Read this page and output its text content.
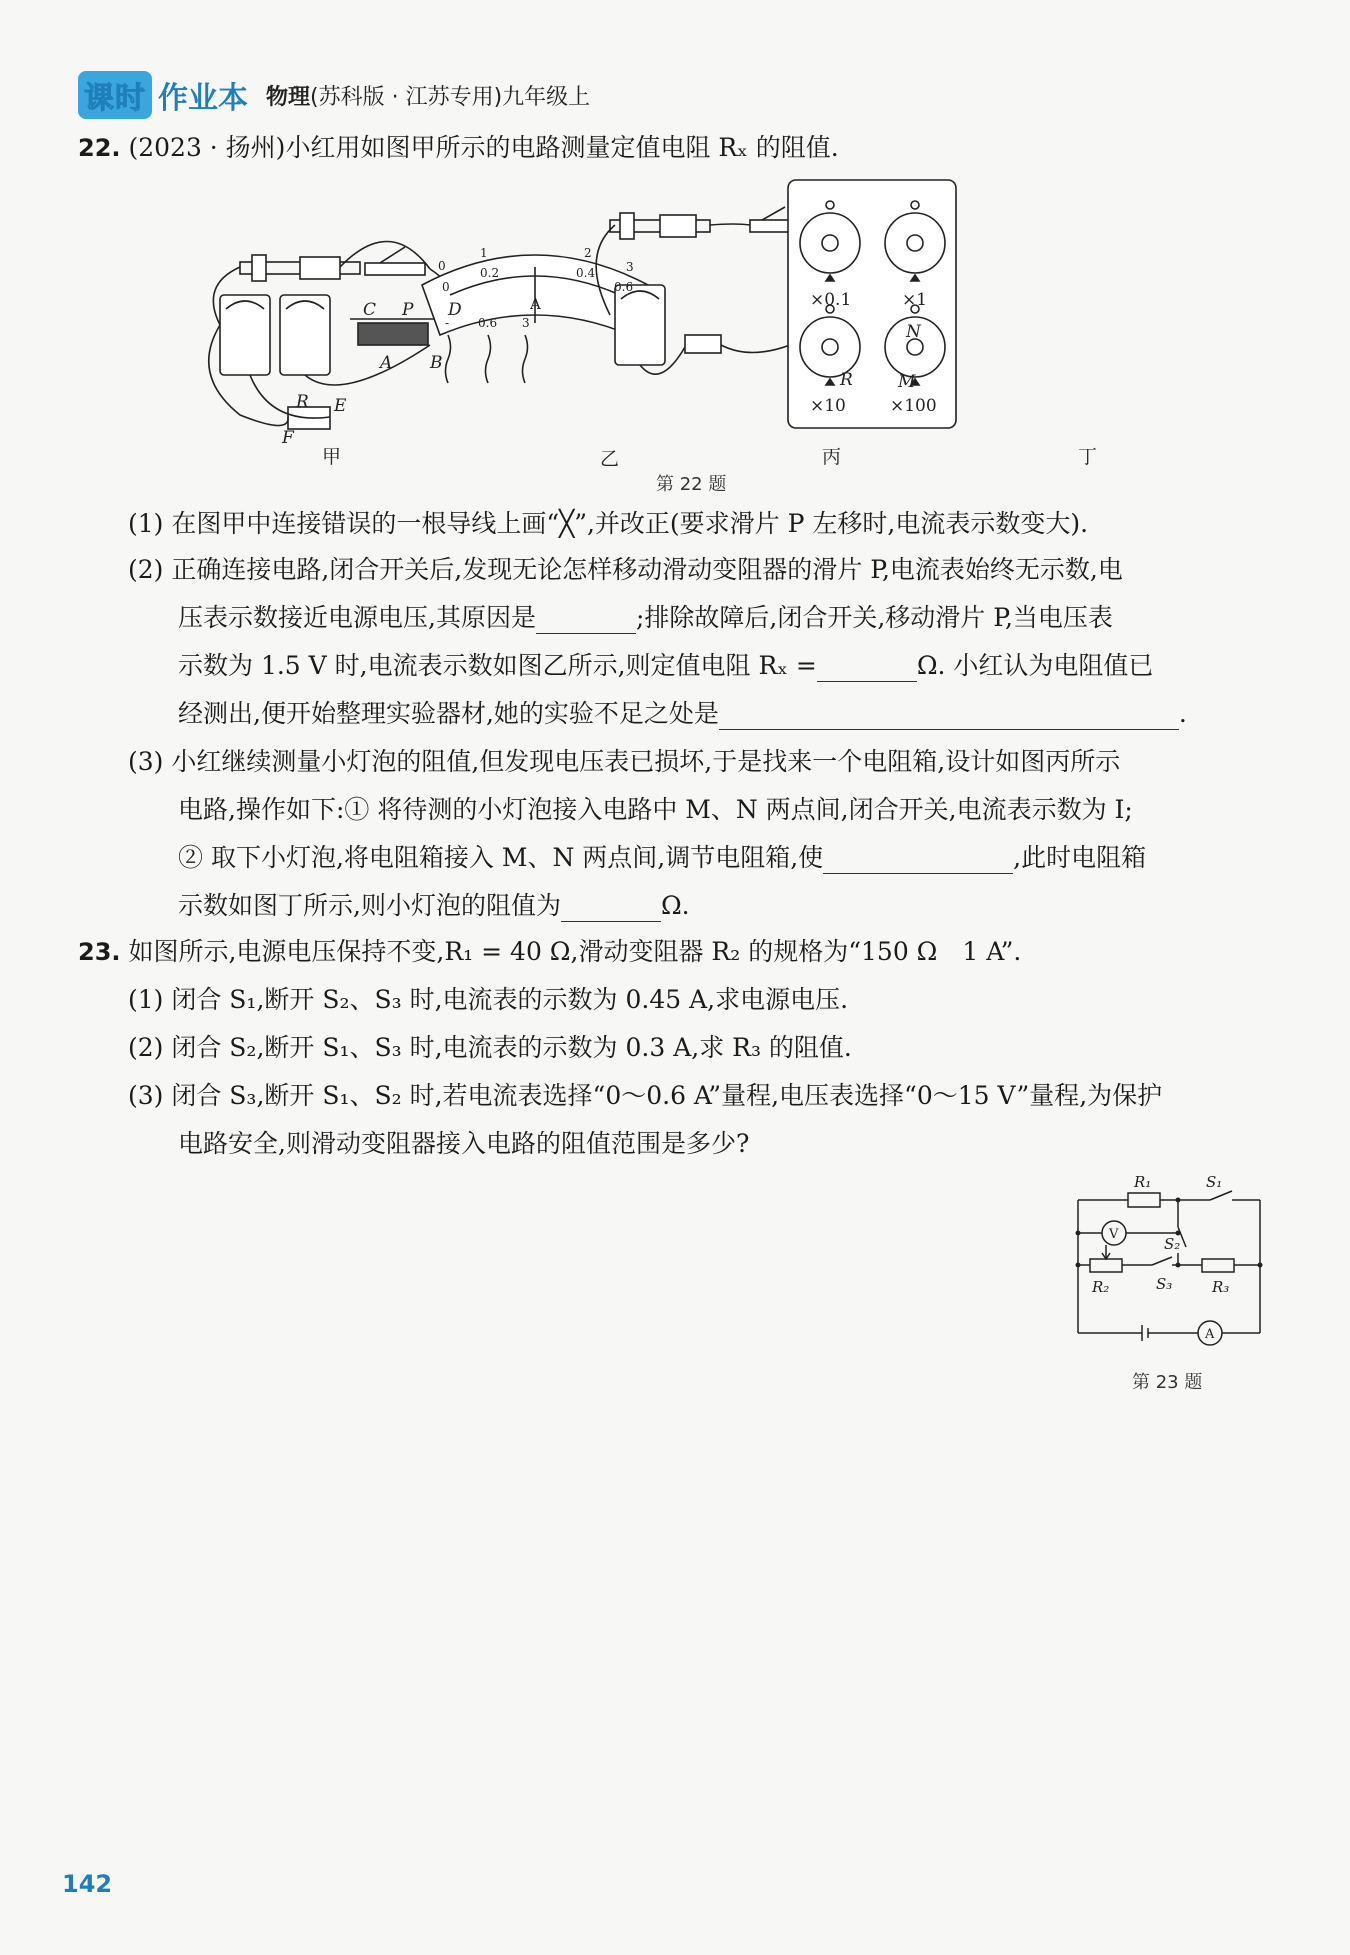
课时 作业本 物理(苏科版 · 江苏专用)九年级上
22. (2023 · 扬州)小红用如图甲所示的电路测量定值电阻 Rₓ 的阻值.
C P D
A B
R E
F
N
R	M
0
1	2
3
0
0.2	0.4
0.6
A
- 0.6 3
×0.1	×1
×10	×100
甲	乙	丙	丁
第 22 题
(1) 在图甲中连接错误的一根导线上画“╳”,并改正(要求滑片 P 左移时,电流表示数变大).
(2) 正确连接电路,闭合开关后,发现无论怎样移动滑动变阻器的滑片 P,电流表始终无示数,电
压表示数接近电源电压,其原因是	;排除故障后,闭合开关,移动滑片 P,当电压表
示数为 1.5 V 时,电流表示数如图乙所示,则定值电阻 Rₓ =	Ω. 小红认为电阻值已
经测出,便开始整理实验器材,她的实验不足之处是	.
(3) 小红继续测量小灯泡的阻值,但发现电压表已损坏,于是找来一个电阻箱,设计如图丙所示
电路,操作如下:① 将待测的小灯泡接入电路中 M、N 两点间,闭合开关,电流表示数为 I;
② 取下小灯泡,将电阻箱接入 M、N 两点间,调节电阻箱,使	,此时电阻箱
示数如图丁所示,则小灯泡的阻值为	Ω.
23. 如图所示,电源电压保持不变,R₁ = 40 Ω,滑动变阻器 R₂ 的规格为“150 Ω　1 A”.
(1) 闭合 S₁,断开 S₂、S₃ 时,电流表的示数为 0.45 A,求电源电压.
(2) 闭合 S₂,断开 S₁、S₃ 时,电流表的示数为 0.3 A,求 R₃ 的阻值.
(3) 闭合 S₃,断开 S₁、S₂ 时,若电流表选择“0～0.6 A”量程,电压表选择“0～15 V”量程,为保护
电路安全,则滑动变阻器接入电路的阻值范围是多少?
R₁	S₁
V
S₂
R₂	S₃	R₃
A
第 23 题
142
